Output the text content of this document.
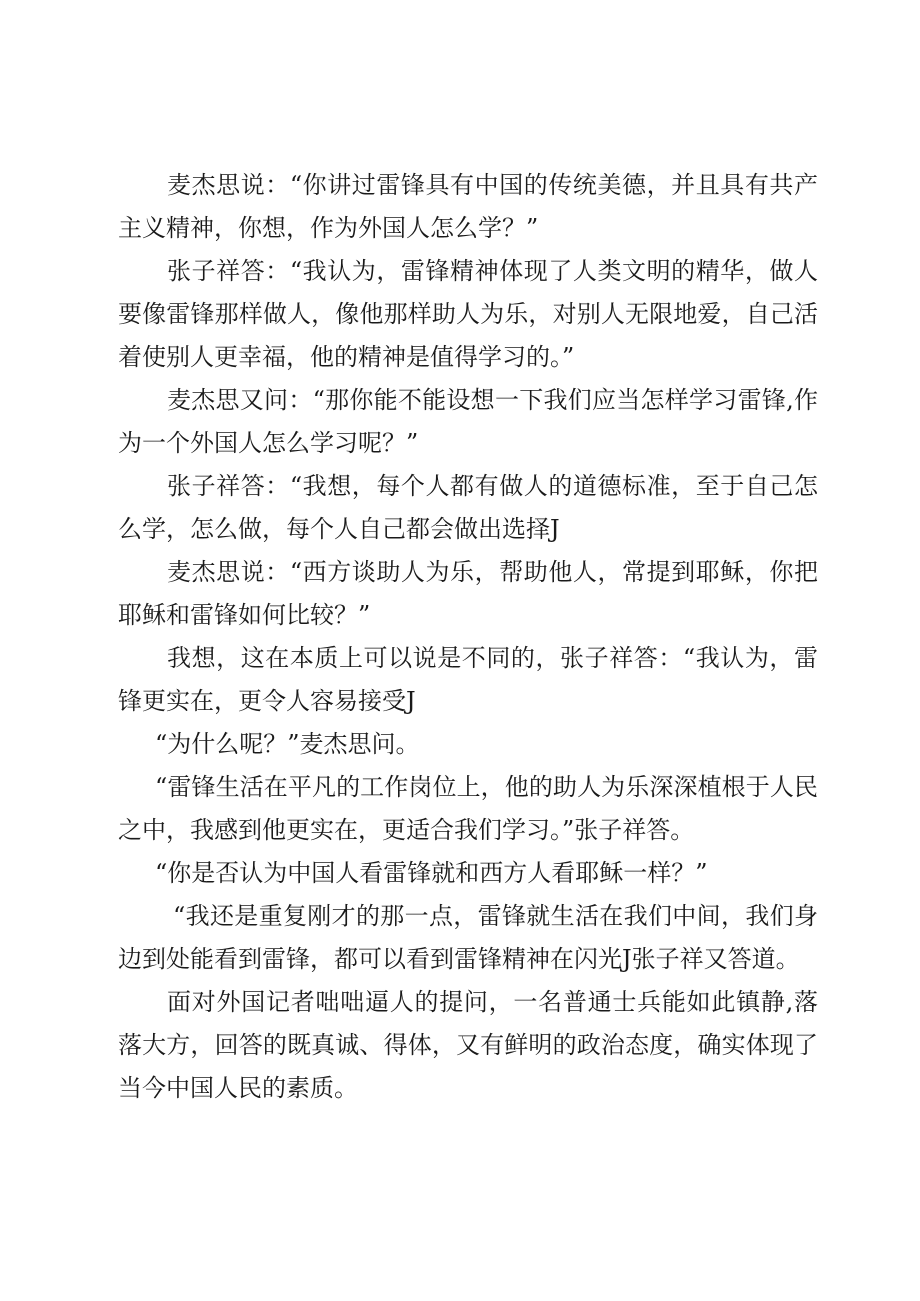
麦杰思说：“你讲过雷锋具有中国的传统美德，并且具有共产主义精神，你想，作为外国人怎么学？”

张子祥答：“我认为，雷锋精神体现了人类文明的精华，做人要像雷锋那样做人，像他那样助人为乐，对别人无限地爱，自己活着使别人更幸福，他的精神是值得学习的。”

麦杰思又问：“那你能不能设想一下我们应当怎样学习雷锋,作为一个外国人怎么学习呢？”

张子祥答：“我想，每个人都有做人的道德标准，至于自己怎么学，怎么做，每个人自己都会做出选择J

麦杰思说：“西方谈助人为乐，帮助他人，常提到耶稣，你把耶稣和雷锋如何比较？”

我想，这在本质上可以说是不同的，张子祥答：“我认为，雷锋更实在，更令人容易接受J

“为什么呢？”麦杰思问。

“雷锋生活在平凡的工作岗位上，他的助人为乐深深植根于人民之中，我感到他更实在，更适合我们学习。”张子祥答。

“你是否认为中国人看雷锋就和西方人看耶稣一样？”

“我还是重复刚才的那一点，雷锋就生活在我们中间，我们身边到处能看到雷锋，都可以看到雷锋精神在闪光J张子祥又答道。

面对外国记者咄咄逼人的提问，一名普通士兵能如此镇静,落落大方，回答的既真诚、得体，又有鲜明的政治态度，确实体现了当今中国人民的素质。
